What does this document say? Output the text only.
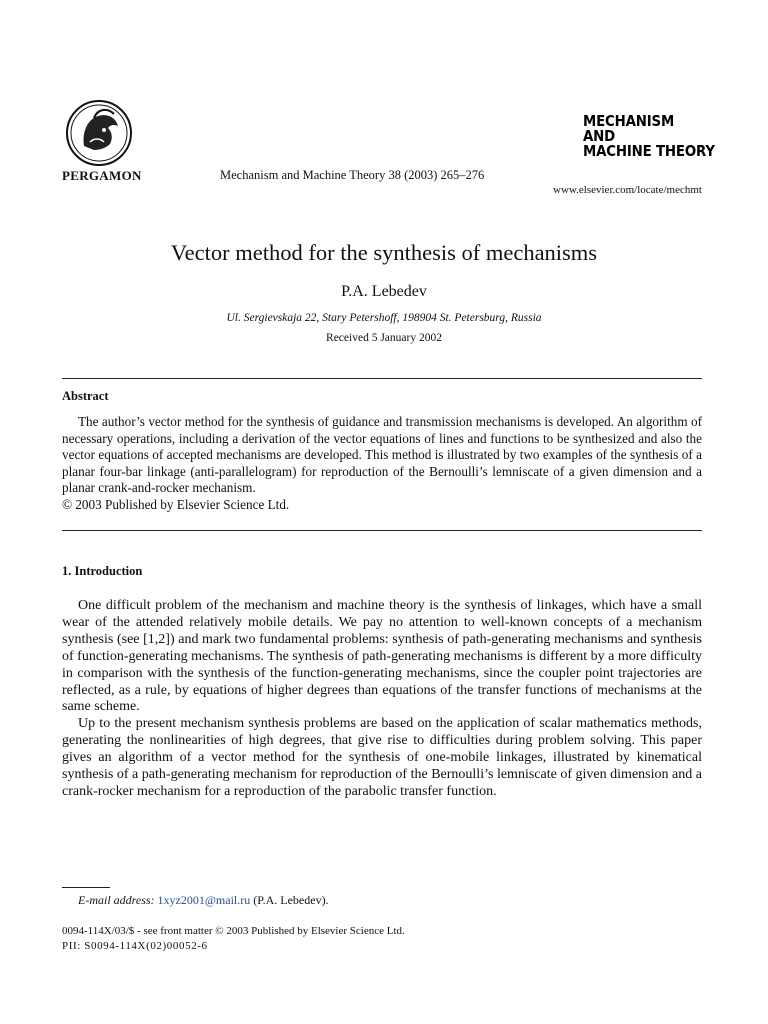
PERGAMON	Mechanism and Machine Theory 38 (2003) 265–276
MECHANISM
AND
MACHINE THEORY
www.elsevier.com/locate/mechmt
Vector method for the synthesis of mechanisms
P.A. Lebedev
Ul. Sergievskaja 22, Stary Petershoff, 198904 St. Petersburg, Russia
Received 5 January 2002
Abstract

The author’s vector method for the synthesis of guidance and transmission mechanisms is developed. An algorithm of necessary operations, including a derivation of the vector equations of lines and functions to be synthesized and also the vector equations of accepted mechanisms are developed. This method is illustrated by two examples of the synthesis of a planar four-bar linkage (anti-parallelogram) for reproduction of the Bernoulli’s lemniscate of a given dimension and a planar crank-and-rocker mechanism.

© 2003 Published by Elsevier Science Ltd.

1. Introduction

One difficult problem of the mechanism and machine theory is the synthesis of linkages, which have a small wear of the attended relatively mobile details. We pay no attention to well-known concepts of a mechanism synthesis (see [1,2]) and mark two fundamental problems: synthesis of path-generating mechanisms and synthesis of function-generating mechanisms. The synthesis of path-generating mechanisms is different by a more difficulty in comparison with the synthesis of the function-generating mechanisms, since the coupler point trajectories are reflected, as a rule, by equations of higher degrees than equations of the transfer functions of mechanisms at the same scheme.

Up to the present mechanism synthesis problems are based on the application of scalar mathematics methods, generating the nonlinearities of high degrees, that give rise to difficulties during problem solving. This paper gives an algorithm of a vector method for the synthesis of one-mobile linkages, illustrated by kinematical synthesis of a path-generating mechanism for reproduction of the Bernoulli’s lemniscate of given dimension and a crank-rocker mechanism for a reproduction of the parabolic transfer function.

E-mail address: 1xyz2001@mail.ru (P.A. Lebedev).
0094-114X/03/$ - see front matter © 2003 Published by Elsevier Science Ltd.
PII: S0094-114X(02)00052-6
